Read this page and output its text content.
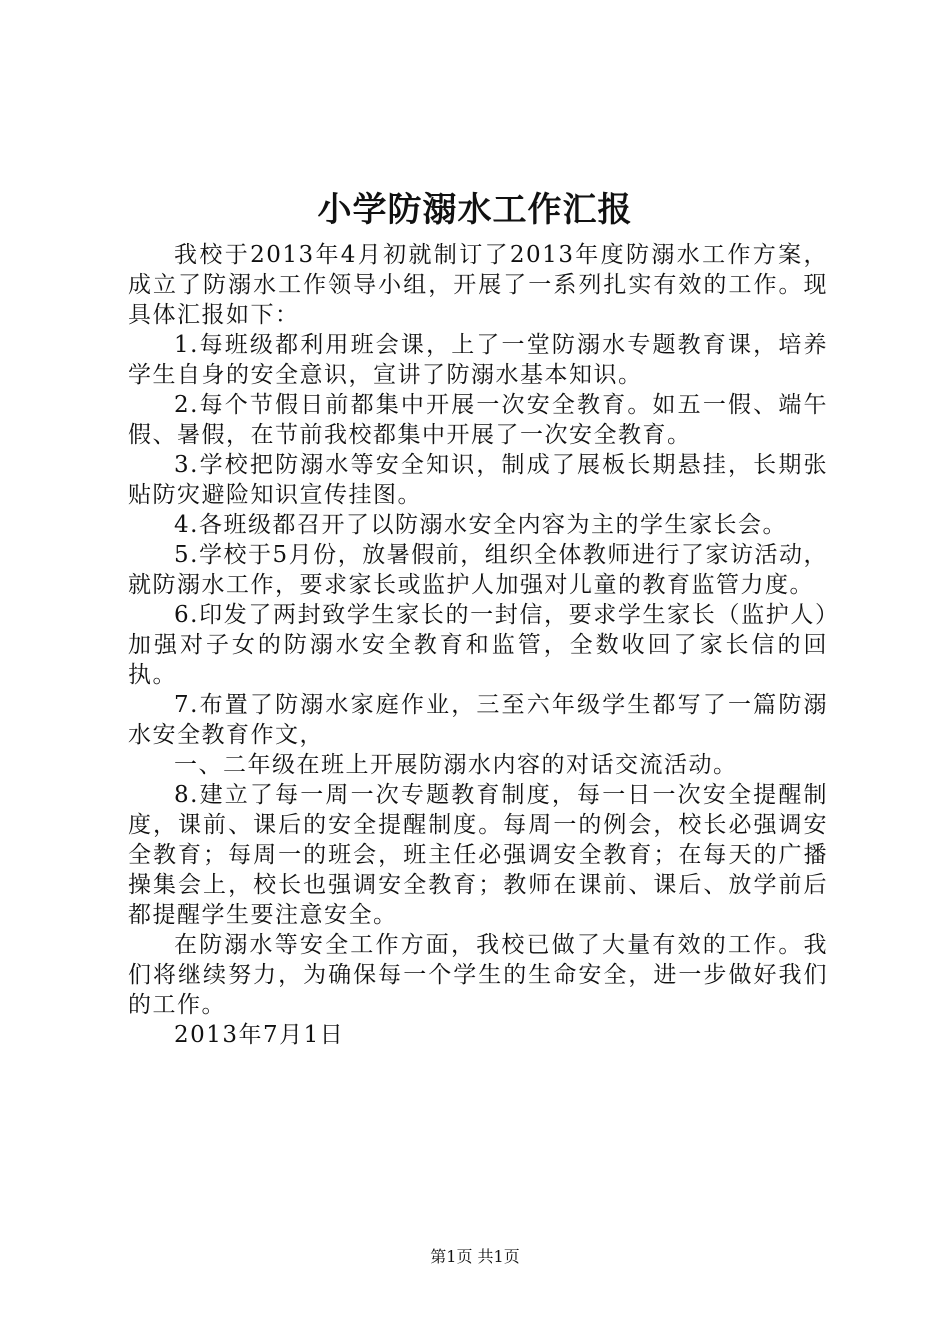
小学防溺水工作汇报

我校于2013年4月初就制订了2013年度防溺水工作方案，成立了防溺水工作领导小组，开展了一系列扎实有效的工作。现具体汇报如下：

1.每班级都利用班会课，上了一堂防溺水专题教育课，培养学生自身的安全意识，宣讲了防溺水基本知识。

2.每个节假日前都集中开展一次安全教育。如五一假、端午假、暑假，在节前我校都集中开展了一次安全教育。

3.学校把防溺水等安全知识，制成了展板长期悬挂，长期张贴防灾避险知识宣传挂图。

4.各班级都召开了以防溺水安全内容为主的学生家长会。

5.学校于5月份，放暑假前，组织全体教师进行了家访活动，就防溺水工作，要求家长或监护人加强对儿童的教育监管力度。

6.印发了两封致学生家长的一封信，要求学生家长（监护人）加强对子女的防溺水安全教育和监管，全数收回了家长信的回执。

7.布置了防溺水家庭作业，三至六年级学生都写了一篇防溺水安全教育作文，

一、二年级在班上开展防溺水内容的对话交流活动。

8.建立了每一周一次专题教育制度，每一日一次安全提醒制度，课前、课后的安全提醒制度。每周一的例会，校长必强调安全教育；每周一的班会，班主任必强调安全教育；在每天的广播操集会上，校长也强调安全教育；教师在课前、课后、放学前后都提醒学生要注意安全。

在防溺水等安全工作方面，我校已做了大量有效的工作。我们将继续努力，为确保每一个学生的生命安全，进一步做好我们的工作。

2013年7月1日

第1页 共1页
